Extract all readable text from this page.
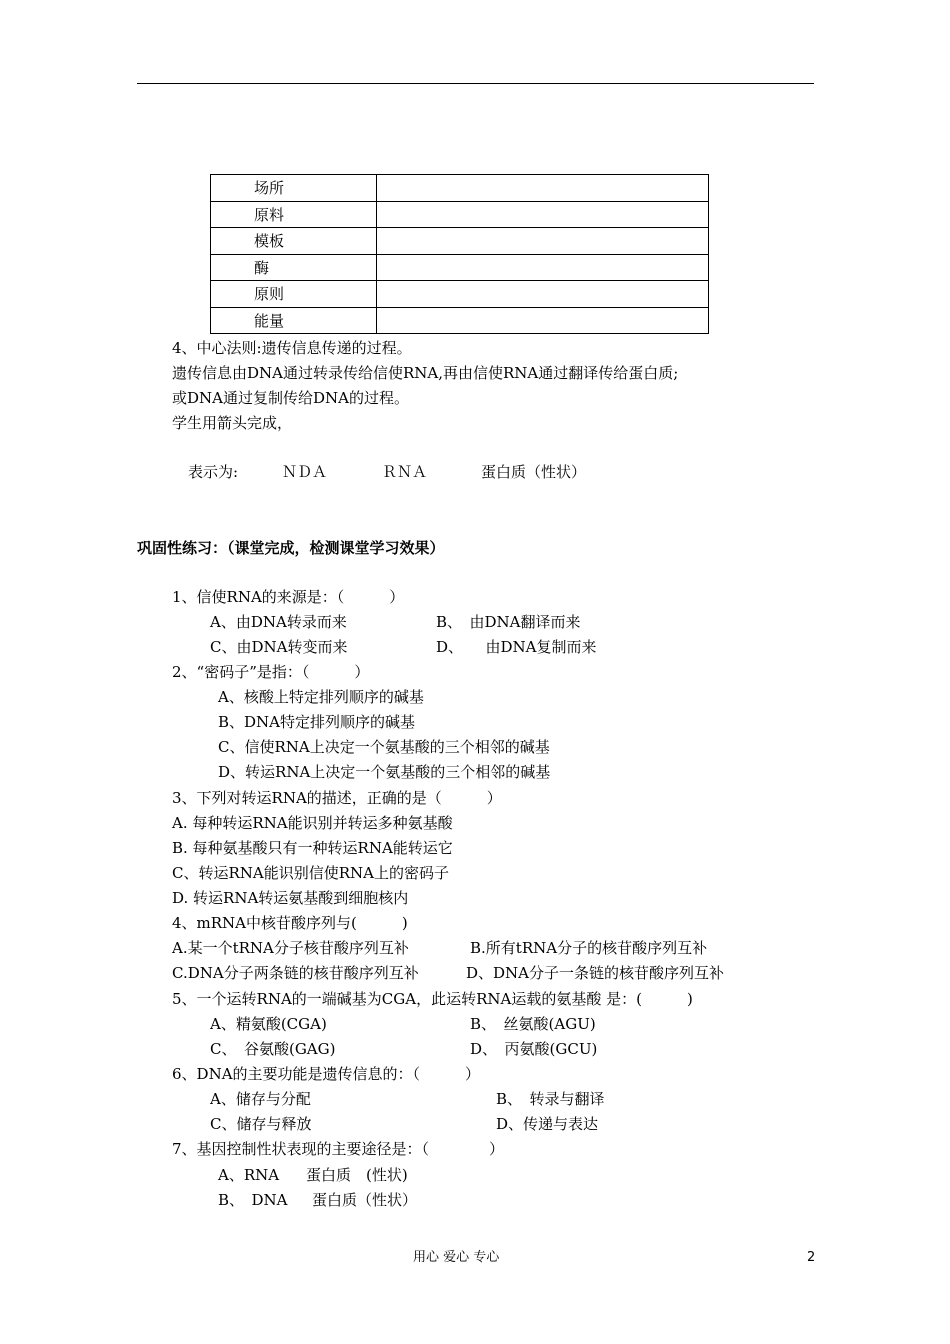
场所	
原料	
模板	
酶	
原则	
能量	
4、中心法则:遗传信息传递的过程。
遗传信息由DNA通过转录传给信使RNA,再由信使RNA通过翻译传给蛋白质;
或DNA通过复制传给DNA的过程。
学生用箭头完成，
表示为:	ＮＤＡ	ＲＮＡ	蛋白质（性状）
巩固性练习：（课堂完成，检测课堂学习效果）
1、信使RNA的来源是：（　　　）
A、由DNA转录而来	B、　由DNA翻译而来
C、由DNA转变而来	D、　　由DNA复制而来
2、“密码子”是指：（　　　）
A、核酸上特定排列顺序的碱基
B、DNA特定排列顺序的碱基
C、信使RNA上决定一个氨基酸的三个相邻的碱基
D、转运RNA上决定一个氨基酸的三个相邻的碱基
3、下列对转运RNA的描述，正确的是（　　　）
A. 每种转运RNA能识别并转运多种氨基酸
B. 每种氨基酸只有一种转运RNA能转运它
C、转运RNA能识别信使RNA上的密码子
D. 转运RNA转运氨基酸到细胞核内
4、mRNA中核苷酸序列与(　　　)
A.某一个tRNA分子核苷酸序列互补	B.所有tRNA分子的核苷酸序列互补
C.DNA分子两条链的核苷酸序列互补	D、DNA分子一条链的核苷酸序列互补
5、一个运转RNA的一端碱基为CGA，此运转RNA运载的氨基酸 是：(　　　)
A、精氨酸(CGA)	B、　丝氨酸(AGU)
C、　谷氨酸(GAG)	D、　丙氨酸(GCU)
6、DNA的主要功能是遗传信息的：（　　　）
A、储存与分配	B、　转录与翻译
C、储存与释放	D、传递与表达
7、基因控制性状表现的主要途径是：（　　　　）
A、RNA 蛋白质　(性状)
B、　DNA 蛋白质（性状）
用心 爱心 专心	2
